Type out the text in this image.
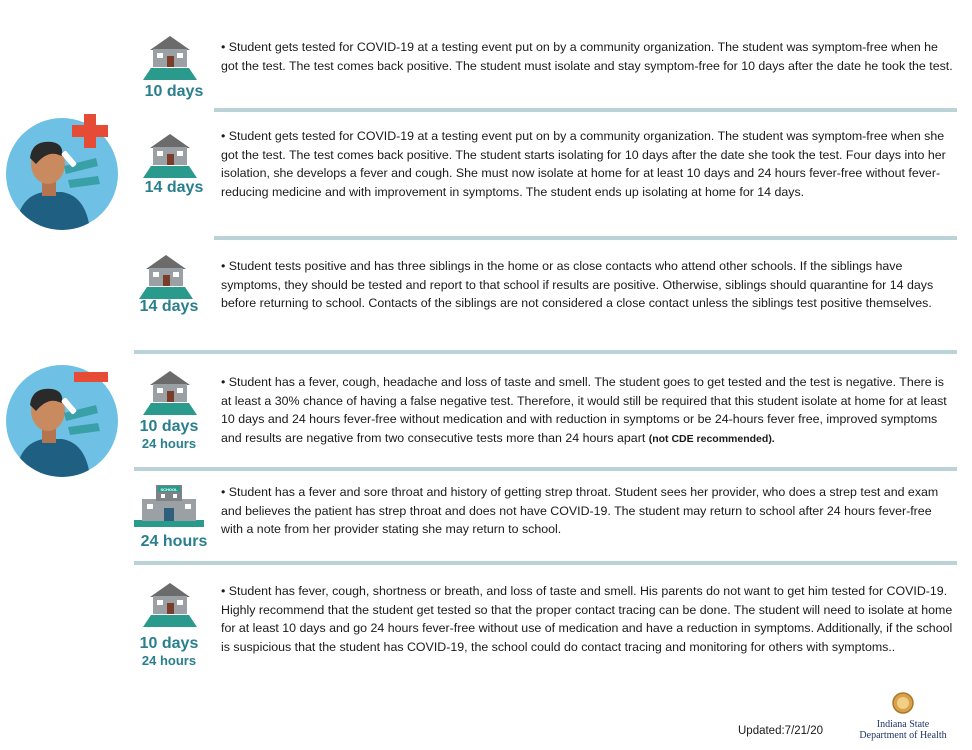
10 days

• Student gets tested for COVID-19 at a testing event put on by a community organization. The student was symptom-free when he got the test. The test comes back positive. The student must isolate and stay symptom-free for 10 days after the date he took the test.

14 days

• Student gets tested for COVID-19 at a testing event put on by a community organization. The student was symptom-free when she got the test. The test comes back positive. The student starts isolating for 10 days after the date she took the test. Four days into her isolation, she develops a fever and cough. She must now isolate at home for at least 10 days and 24 hours fever-free without fever-reducing medicine and with improvement in symptoms. The student ends up isolating at home for 14 days.

14 days

• Student tests positive and has three siblings in the home or as close contacts who attend other schools. If the siblings have symptoms, they should be tested and report to that school if results are positive. Otherwise, siblings should quarantine for 14 days before returning to school. Contacts of the siblings are not considered a close contact unless the siblings test positive themselves.

10 days
24 hours

• Student has a fever, cough, headache and loss of taste and smell. The student goes to get tested and the test is negative. There is at least a 30% chance of having a false negative test. Therefore, it would still be required that this student isolate at home for at least 10 days and 24 hours fever-free without medication and with reduction in symptoms or be 24-hours fever free, improved symptoms and results are negative from two consecutive tests more than 24 hours apart (not CDE recommended).

SCHOOL
24 hours

• Student has a fever and sore throat and history of getting strep throat. Student sees her provider, who does a strep test and exam and believes the patient has strep throat and does not have COVID-19. The student may return to school after 24 hours fever-free with a note from her provider stating she may return to school.

10 days
24 hours

• Student has fever, cough, shortness or breath, and loss of taste and smell. His parents do not want to get him tested for COVID-19. Highly recommend that the student get tested so that the proper contact tracing can be done. The student will need to isolate at home for at least 10 days and go 24 hours fever-free without use of medication and have a reduction in symptoms. Additionally, if the school is suspicious that the student has COVID-19, the school could do contact tracing and monitoring for others with symptoms..

Updated:7/21/20
Indiana State
Department of Health
